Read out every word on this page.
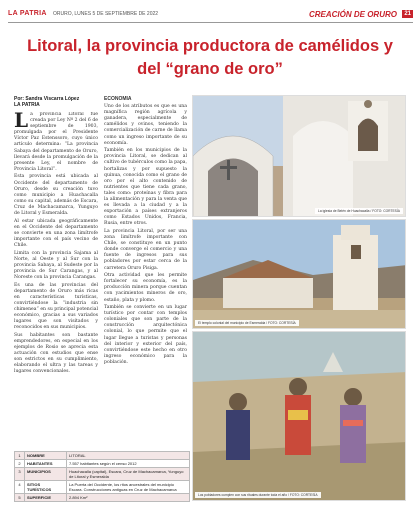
LA PATRIA ORURO, LUNES 5 DE SEPTIEMBRE DE 2022	CREACIÓN DE ORURO	21
Litoral, la provincia productora de camélidos y del “grano de oro”
Por: Sandra Viscarra López
LA PATRIA

La provincia Litoral fue creada por Ley Nº 2 del 6 de septiembre de 1903, promulgada por el Presidente Víctor Paz Estenssoro, cuyo único artículo determina: “La provincia Sabaya del departamento de Oruro, llevará desde la promulgación de la presente Ley, el nombre de Provincia Litoral”.

Esta provincia está ubicada al Occidente del departamento de Oruro, desde su creación tuvo como municipio a Huachacalla como su capital, además de Escara, Cruz de Machacamarca, Yunguyo de Litoral y Esmeralda.

Al estar ubicada geográficamente en el Occidente del departamento se convierte en una zona limítrofe importante con el país vecino de Chile.

Limita con la provincia Sajama al Norte, al Oeste y al Sur con la provincia Sabaya, al Sudeste por la provincia de Sur Carangas, y al Noreste con la provincia Carangas.

Es una de las provincias del departamento de Oruro más ricas en características turísticas, convirtiéndose la “industria sin chimenea” en su principal potencial económico, gracias a sus variados lugares que son visitados y reconocidos en sus municipios.

Sus habitantes son bastante emprendedores, en especial en los ejemplos de Rosio se aprecia esta actuación con estudios que ense son estrictos en su cumplimiento, elaborando el ultra y las tareas y lugares convencionales.

ECONOMÍA

Uno de los atributos es que es una magnífica región agrícola y ganadera, especialmente de camélidos y ovinos, teniendo la comercialización de carne de llama como un ingreso importante de su economía.

También en los municipios de la provincia Litoral, se dedican al cultivo de tubérculos como la papa, hortalizas y por supuesto la quinua, conocida como el grano de oro por el alto contenido de nutrientes que tiene cada grano, tales como: proteínas y fibra para la alimentación y para la venta que es llevada a la ciudad y a la exportación a países extranjeros como Estados Unidos, Francia, Rusia, entre otros.

La provincia Litoral, por ser una zona limítrofe importante con Chile, se constituye en un punto donde converge el comercio y una fuente de ingresos para sus pobladores por estar cerca de la carretera Oruro Pisiga.

Otra actividad que les permite fortalecer su economía, es la producción minera porque cuentan con yacimientos mineros de oro, estaño, plata y plomo.

También se convierte en un lugar turístico por contar con templos coloniales que son parte de la construcción arquitectónica colonial, lo que permite que el lugar llegue a turistas y personas del interior y exterior del país, convirtiéndose este hecho en otro ingreso económico para la población.

La iglesia de Belén de Huachacalla / FOTO: CORTESÍA
El templo colonial del municipio de Esmeralda / FOTO: CORTESÍA
Los pobladores cumplen con sus rituales durante toda el año / FOTO: CORTESÍA
1	NOMBRE	LITORAL
2	HABITANTES	7.557 habitantes según el censo 2012
3	MUNICIPIOS	Huachacalla (capital), Escara, Cruz de Machacamarca, Yunguyo de Litoral y Esmeralda
4	SITIOS TURÍSTICOS	La Puerta del Occidente, los ritos ancestrales del municipio Escara. Construcciones antiguas en Cruz de Machacamarca
5	SUPERFICIE	2.894 Km²
